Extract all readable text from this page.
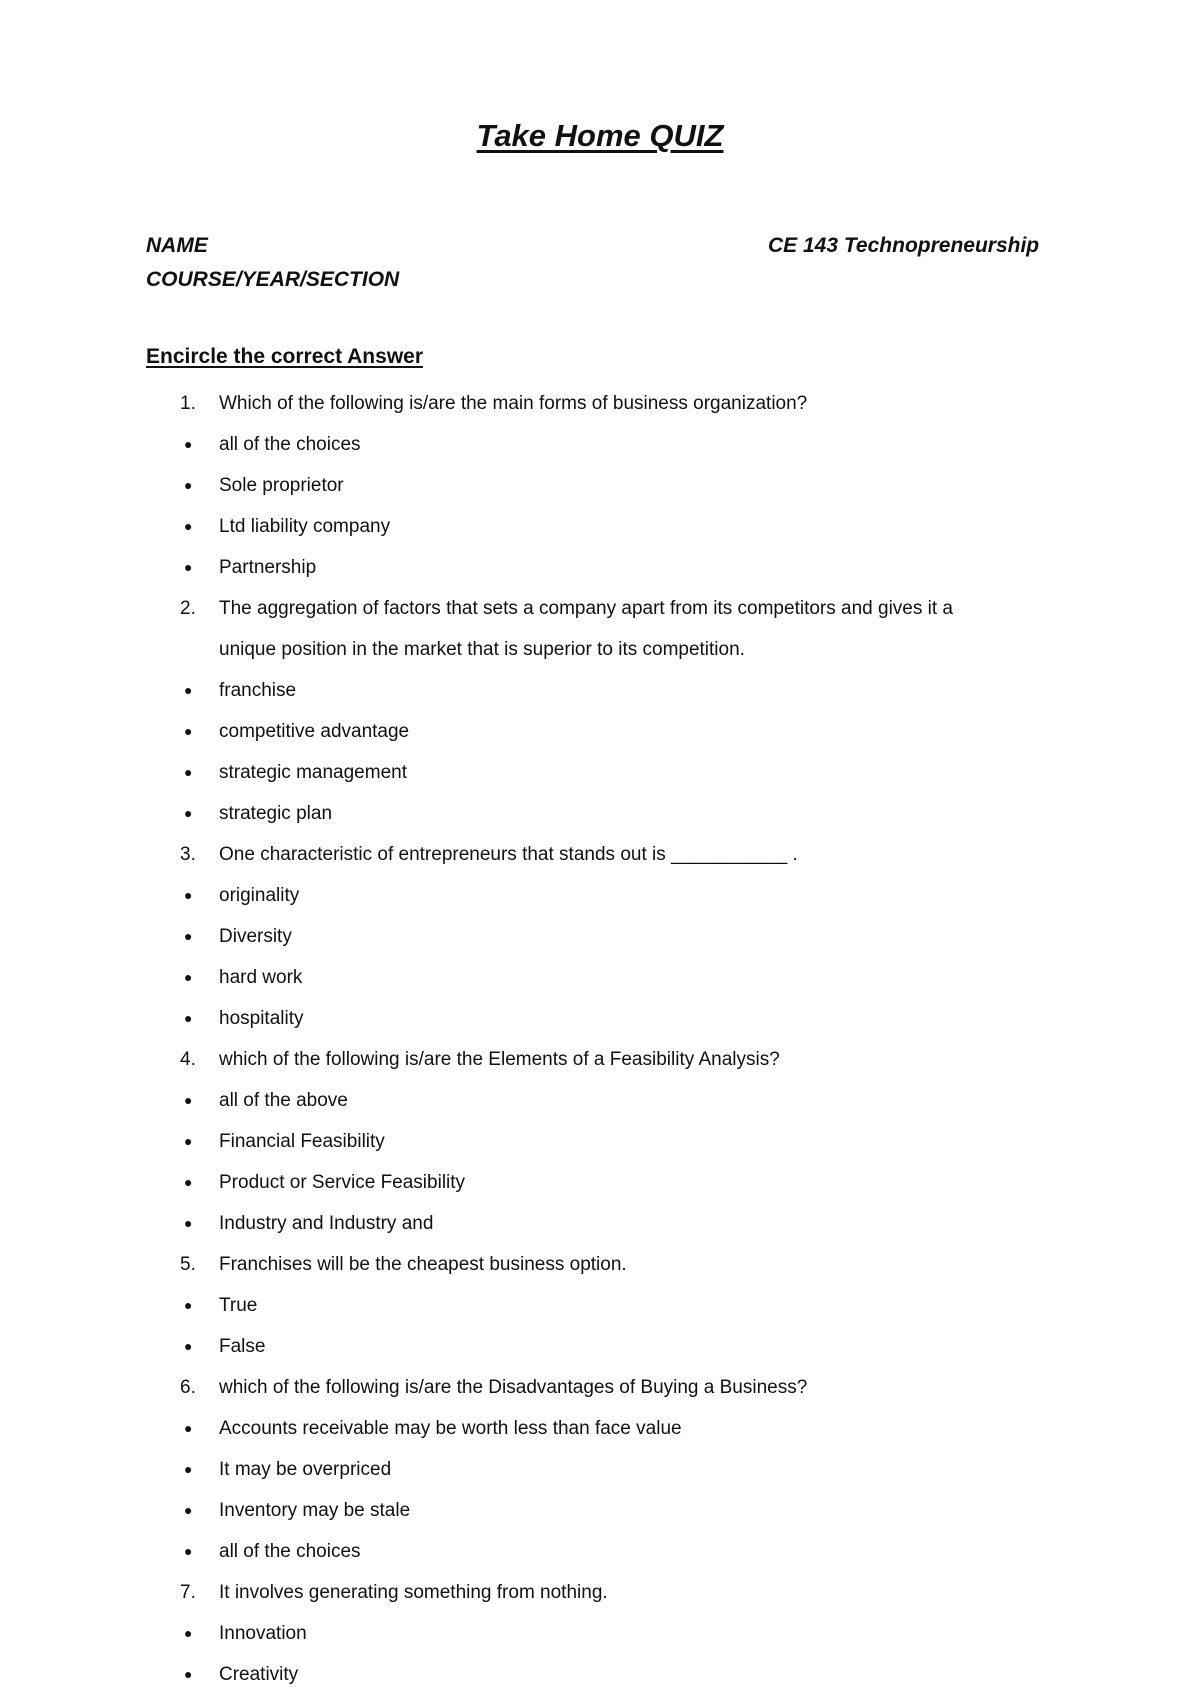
Take Home QUIZ
NAME	CE 143 Technopreneurship
COURSE/YEAR/SECTION
Encircle the correct Answer
1.	Which of the following is/are the main forms of business organization?
●	all of the choices
●	Sole proprietor
●	Ltd liability company
●	Partnership
2.	The aggregation of factors that sets a company apart from its competitors and gives it a
unique position in the market that is superior to its competition.
●	franchise
●	competitive advantage
●	strategic management
●	strategic plan
3.	One characteristic of entrepreneurs that stands out is ___________ .
●	originality
●	Diversity
●	hard work
●	hospitality
4.	which of the following is/are the Elements of a Feasibility Analysis?
●	all of the above
●	Financial Feasibility
●	Product or Service Feasibility
●	Industry and Industry and
5.	Franchises will be the cheapest business option.
●	True
●	False
6.	which of the following is/are the Disadvantages of Buying a Business?
●	Accounts receivable may be worth less than face value
●	It may be overpriced
●	Inventory may be stale
●	all of the choices
7.	It involves generating something from nothing.
●	Innovation
●	Creativity
